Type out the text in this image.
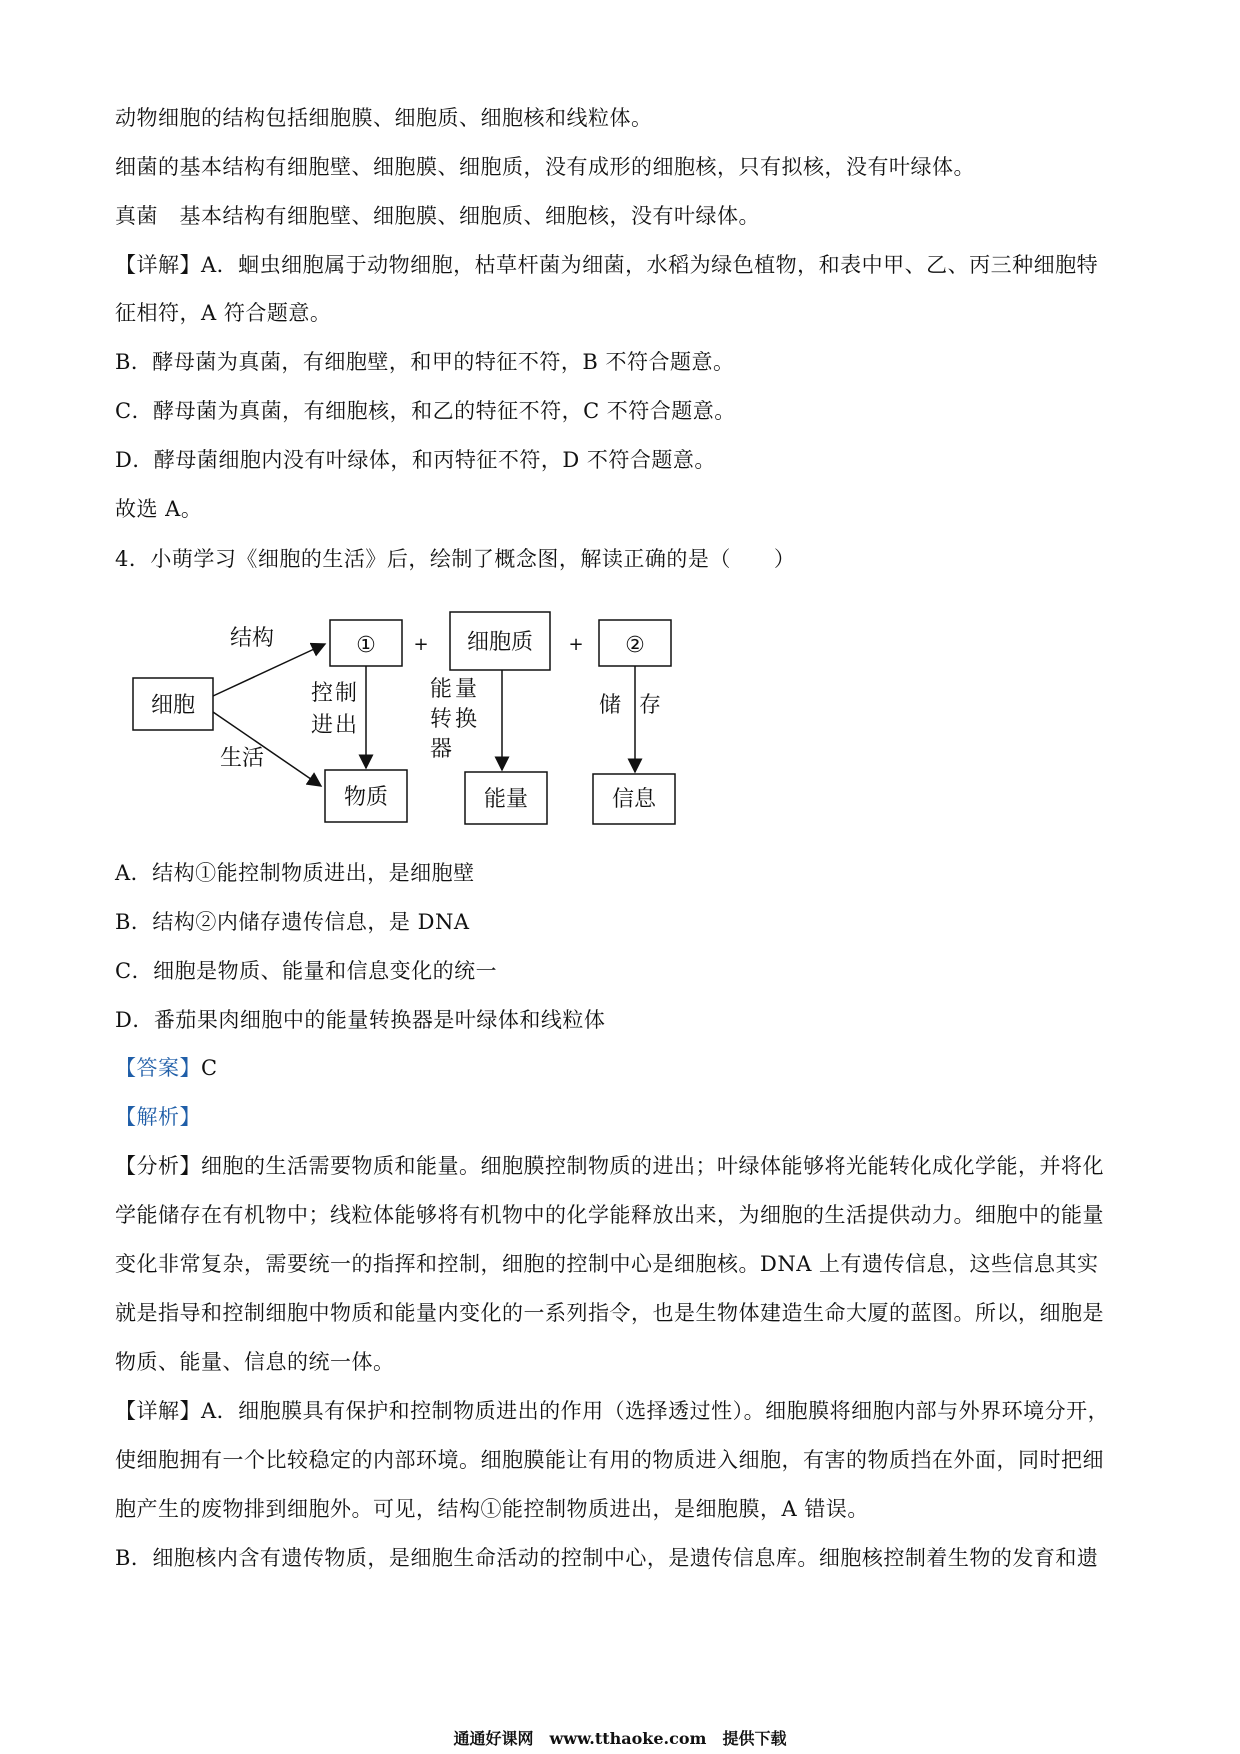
动物细胞的结构包括细胞膜、细胞质、细胞核和线粒体。
细菌的基本结构有细胞壁、细胞膜、细胞质，没有成形的细胞核，只有拟核，没有叶绿体。
真菌　基本结构有细胞壁、细胞膜、细胞质、细胞核，没有叶绿体。
【详解】A．蛔虫细胞属于动物细胞，枯草杆菌为细菌，水稻为绿色植物，和表中甲、乙、丙三种细胞特
征相符，A 符合题意。
B．酵母菌为真菌，有细胞壁，和甲的特征不符，B 不符合题意。
C．酵母菌为真菌，有细胞核，和乙的特征不符，C 不符合题意。
D．酵母菌细胞内没有叶绿体，和丙特征不符，D 不符合题意。
故选 A。
4．小萌学习《细胞的生活》后，绘制了概念图，解读正确的是（　　）
细胞
结构
生活
①	细胞质	②
+	+
控 制
进 出
能 量
转 换
器
储 存
物质	能量	信息
A．结构①能控制物质进出，是细胞壁
B．结构②内储存遗传信息，是 DNA
C．细胞是物质、能量和信息变化的统一
D．番茄果肉细胞中的能量转换器是叶绿体和线粒体
【答案】C
【解析】
【分析】细胞的生活需要物质和能量。细胞膜控制物质的进出；叶绿体能够将光能转化成化学能，并将化
学能储存在有机物中；线粒体能够将有机物中的化学能释放出来，为细胞的生活提供动力。细胞中的能量
变化非常复杂，需要统一的指挥和控制，细胞的控制中心是细胞核。DNA 上有遗传信息，这些信息其实
就是指导和控制细胞中物质和能量内变化的一系列指令，也是生物体建造生命大厦的蓝图。所以，细胞是
物质、能量、信息的统一体。
【详解】A．细胞膜具有保护和控制物质进出的作用（选择透过性）。细胞膜将细胞内部与外界环境分开，
使细胞拥有一个比较稳定的内部环境。细胞膜能让有用的物质进入细胞，有害的物质挡在外面，同时把细
胞产生的废物排到细胞外。可见，结构①能控制物质进出，是细胞膜，A 错误。
B．细胞核内含有遗传物质，是细胞生命活动的控制中心，是遗传信息库。细胞核控制着生物的发育和遗
通通好课网　www.tthaoke.com　提供下载
